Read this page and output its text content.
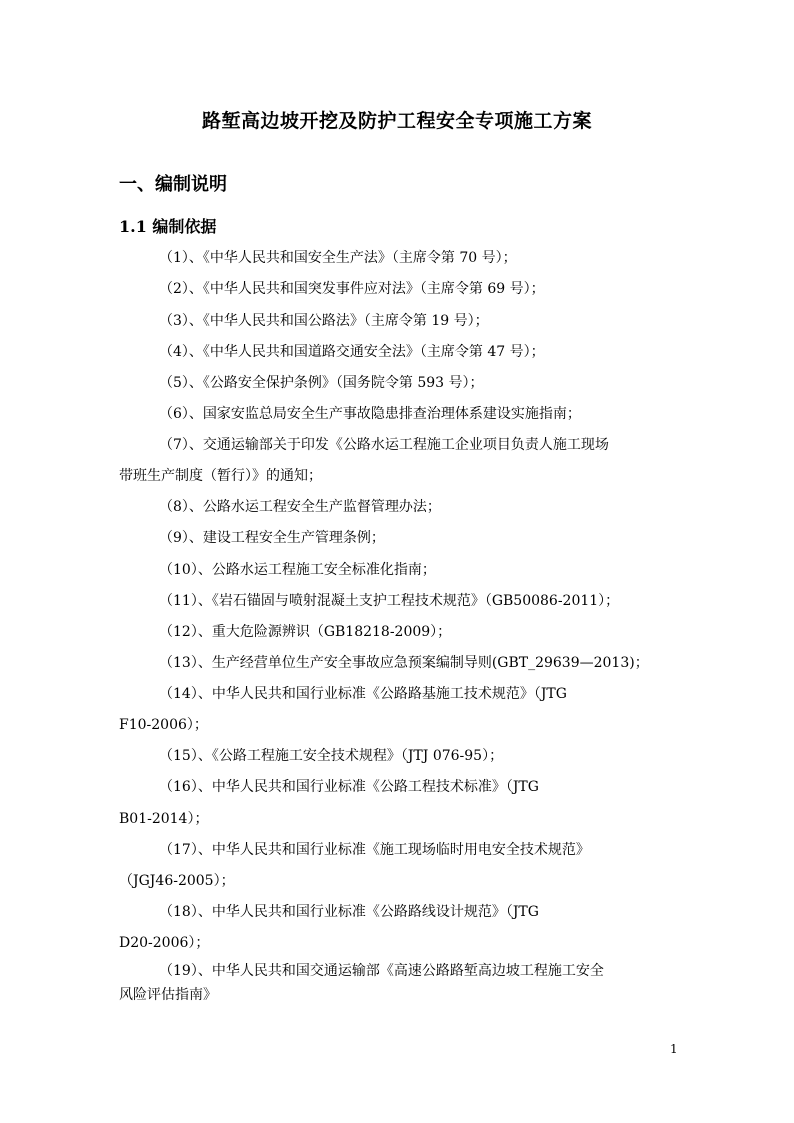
路堑高边坡开挖及防护工程安全专项施工方案
一、编制说明
1.1 编制依据
（1）、《中华人民共和国安全生产法》（主席令第 70 号）；
（2）、《中华人民共和国突发事件应对法》（主席令第 69 号）；
（3）、《中华人民共和国公路法》（主席令第 19 号）；
（4）、《中华人民共和国道路交通安全法》（主席令第 47 号）；
（5）、《公路安全保护条例》（国务院令第 593 号）；
（6）、国家安监总局安全生产事故隐患排查治理体系建设实施指南；
（7）、交通运输部关于印发《公路水运工程施工企业项目负责人施工现场
带班生产制度（暂行）》的通知；
（8）、公路水运工程安全生产监督管理办法；
（9）、建设工程安全生产管理条例；
（10）、公路水运工程施工安全标准化指南；
（11）、《岩石锚固与喷射混凝土支护工程技术规范》（GB50086-2011）；
（12）、重大危险源辨识（GB18218-2009）；
（13）、生产经营单位生产安全事故应急预案编制导则(GBT_29639—2013)；
（14）、中华人民共和国行业标准《公路路基施工技术规范》（JTG
F10-2006）；
（15）、《公路工程施工安全技术规程》（JTJ 076-95）；
（16）、中华人民共和国行业标准《公路工程技术标准》（JTG
B01-2014）；
（17）、中华人民共和国行业标准《施工现场临时用电安全技术规范》
（JGJ46-2005）；
（18）、中华人民共和国行业标准《公路路线设计规范》（JTG
D20-2006）；
（19）、中华人民共和国交通运输部《高速公路路堑高边坡工程施工安全
风险评估指南》
1
